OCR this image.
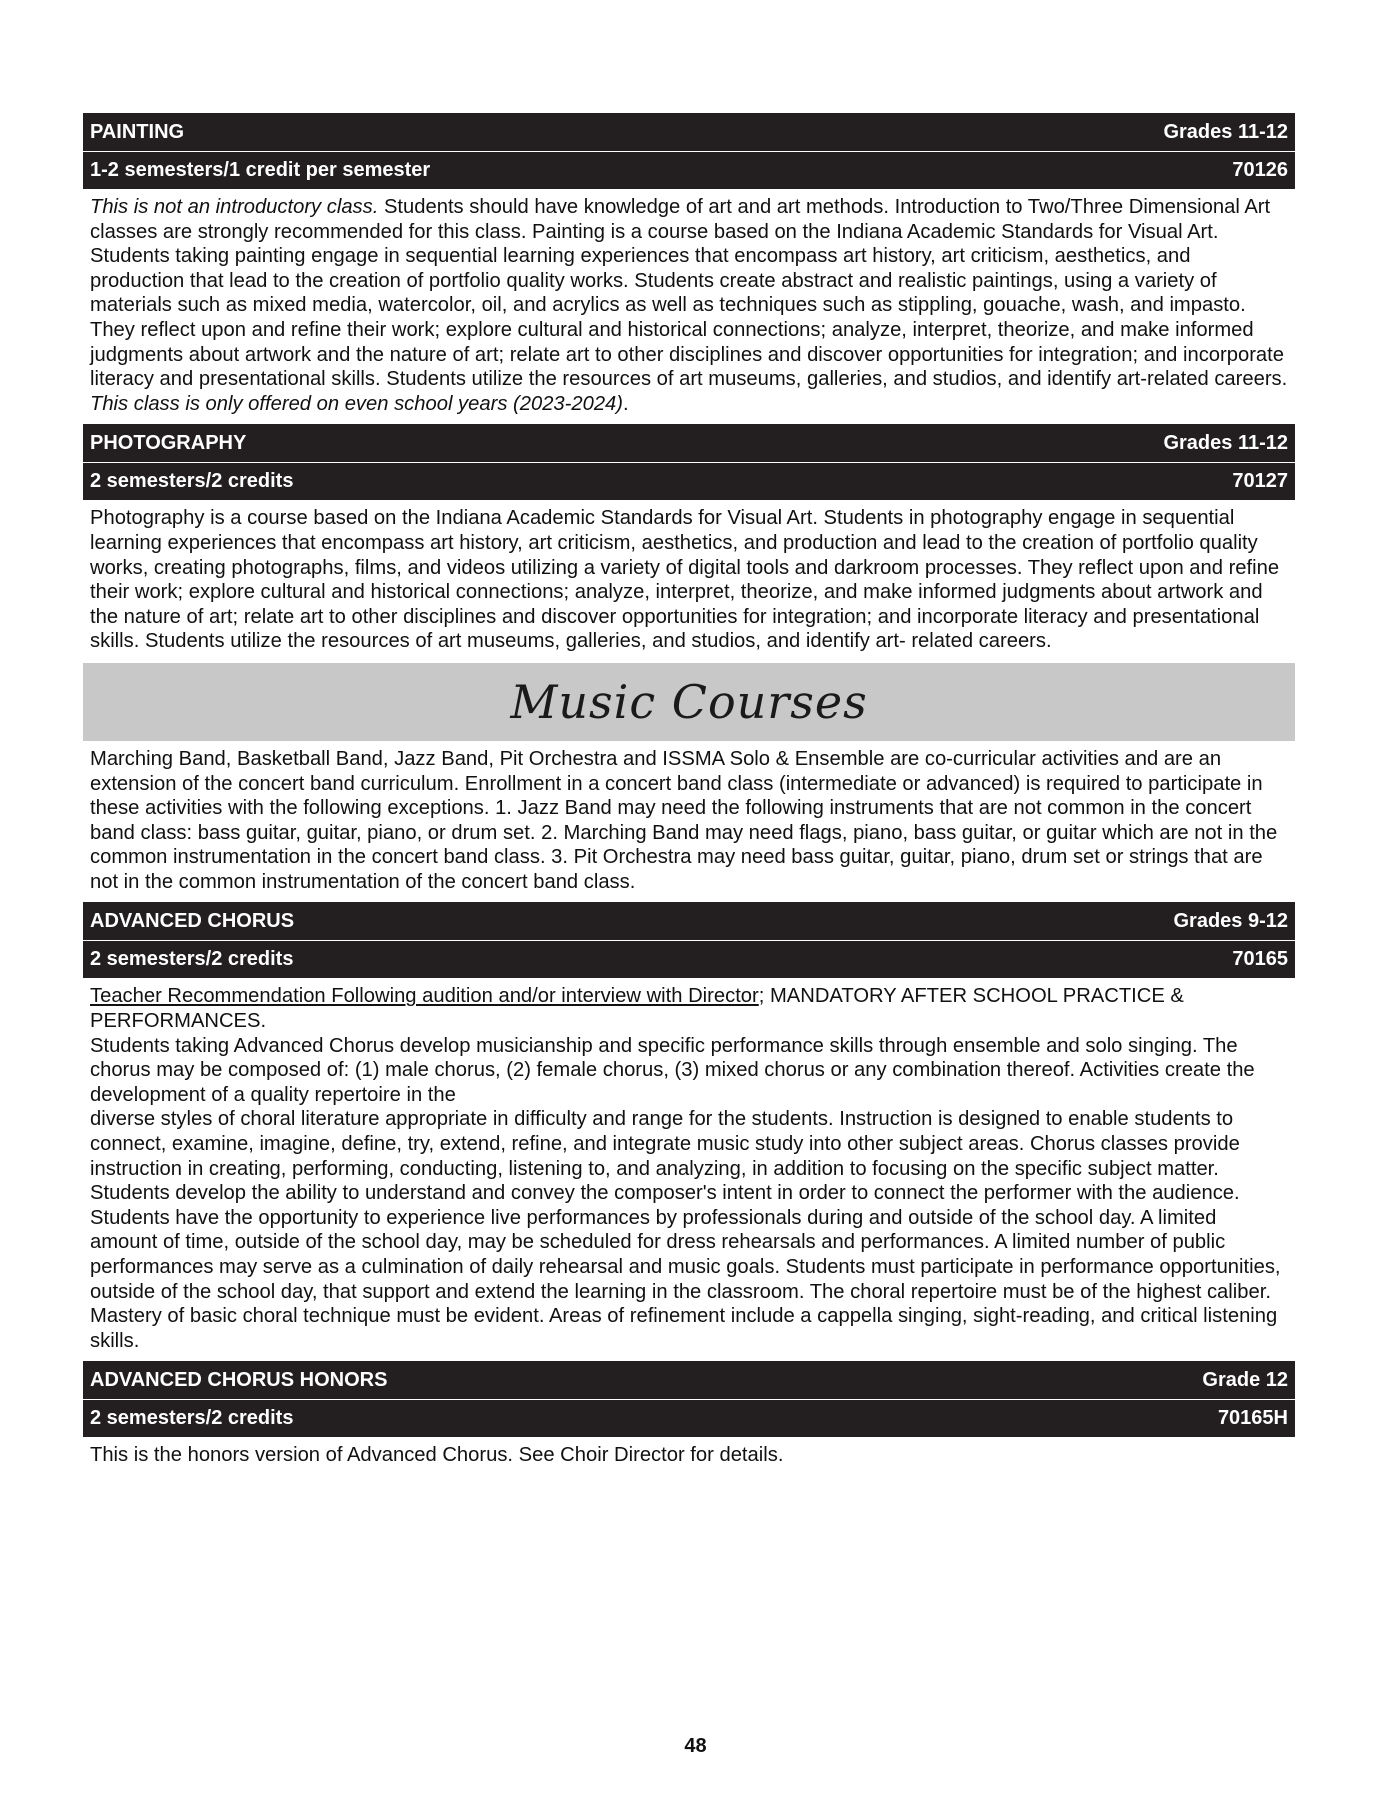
PAINTING	Grades 11-12
1-2 semesters/1 credit per semester	70126

This is not an introductory class. Students should have knowledge of art and art methods. Introduction to Two/Three Dimensional Art classes are strongly recommended for this class. Painting is a course based on the Indiana Academic Standards for Visual Art. Students taking painting engage in sequential learning experiences that encompass art history, art criticism, aesthetics, and production that lead to the creation of portfolio quality works. Students create abstract and realistic paintings, using a variety of materials such as mixed media, watercolor, oil, and acrylics as well as techniques such as stippling, gouache, wash, and impasto. They reflect upon and refine their work; explore cultural and historical connections; analyze, interpret, theorize, and make informed judgments about artwork and the nature of art; relate art to other disciplines and discover opportunities for integration; and incorporate literacy and presentational skills. Students utilize the resources of art museums, galleries, and studios, and identify art-related careers. This class is only offered on even school years (2023-2024).

PHOTOGRAPHY	Grades 11-12
2 semesters/2 credits	70127

Photography is a course based on the Indiana Academic Standards for Visual Art. Students in photography engage in sequential learning experiences that encompass art history, art criticism, aesthetics, and production and lead to the creation of portfolio quality works, creating photographs, films, and videos utilizing a variety of digital tools and darkroom processes. They reflect upon and refine their work; explore cultural and historical connections; analyze, interpret, theorize, and make informed judgments about artwork and the nature of art; relate art to other disciplines and discover opportunities for integration; and incorporate literacy and presentational skills. Students utilize the resources of art museums, galleries, and studios, and identify art- related careers.

Music Courses

Marching Band, Basketball Band, Jazz Band, Pit Orchestra and ISSMA Solo & Ensemble are co-curricular activities and are an extension of the concert band curriculum. Enrollment in a concert band class (intermediate or advanced) is required to participate in these activities with the following exceptions. 1. Jazz Band may need the following instruments that are not common in the concert band class: bass guitar, guitar, piano, or drum set. 2. Marching Band may need flags, piano, bass guitar, or guitar which are not in the common instrumentation in the concert band class. 3. Pit Orchestra may need bass guitar, guitar, piano, drum set or strings that are not in the common instrumentation of the concert band class.

ADVANCED CHORUS	Grades 9-12
2 semesters/2 credits	70165

Teacher Recommendation Following audition and/or interview with Director; MANDATORY AFTER SCHOOL PRACTICE & PERFORMANCES.

Students taking Advanced Chorus develop musicianship and specific performance skills through ensemble and solo singing. The chorus may be composed of: (1) male chorus, (2) female chorus, (3) mixed chorus or any combination thereof. Activities create the development of a quality repertoire in the

diverse styles of choral literature appropriate in difficulty and range for the students. Instruction is designed to enable students to connect, examine, imagine, define, try, extend, refine, and integrate music study into other subject areas. Chorus classes provide instruction in creating, performing, conducting, listening to, and analyzing, in addition to focusing on the specific subject matter. Students develop the ability to understand and convey the composer's intent in order to connect the performer with the audience. Students have the opportunity to experience live performances by professionals during and outside of the school day. A limited amount of time, outside of the school day, may be scheduled for dress rehearsals and performances. A limited number of public performances may serve as a culmination of daily rehearsal and music goals. Students must participate in performance opportunities, outside of the school day, that support and extend the learning in the classroom. The choral repertoire must be of the highest caliber. Mastery of basic choral technique must be evident. Areas of refinement include a cappella singing, sight-reading, and critical listening skills.

ADVANCED CHORUS HONORS	Grade 12
2 semesters/2 credits	70165H

This is the honors version of Advanced Chorus. See Choir Director for details.

48
